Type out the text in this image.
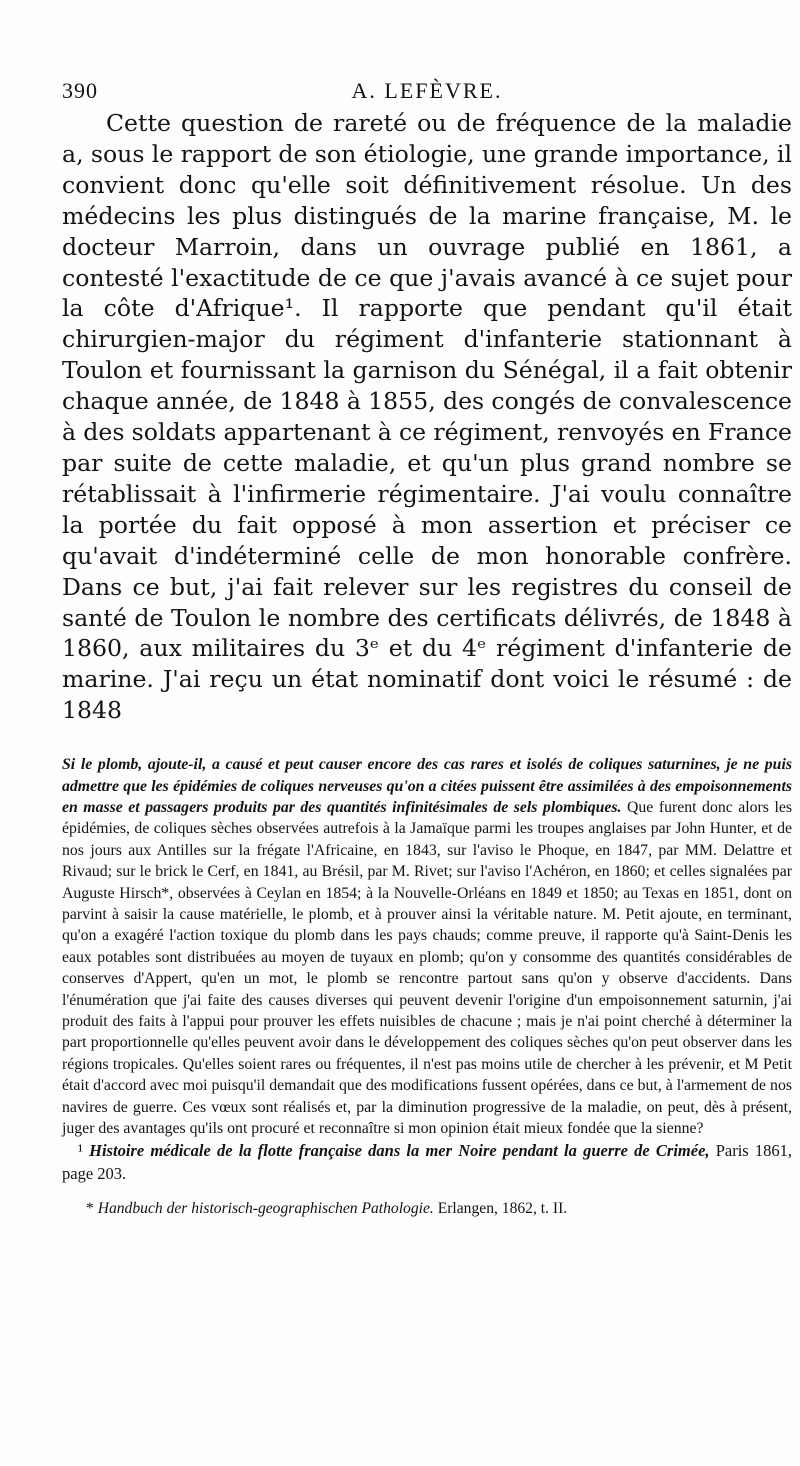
390	A. LEFÈVRE.

Cette question de rareté ou de fréquence de la maladie a, sous le rapport de son étiologie, une grande importance, il convient donc qu'elle soit définitivement résolue. Un des médecins les plus distingués de la marine française, M. le docteur Marroin, dans un ouvrage publié en 1861, a contesté l'exactitude de ce que j'avais avancé à ce sujet pour la côte d'Afrique¹. Il rapporte que pendant qu'il était chirurgien-major du régiment d'infanterie stationnant à Toulon et fournissant la garnison du Sénégal, il a fait obtenir chaque année, de 1848 à 1855, des congés de convalescence à des soldats appartenant à ce régiment, renvoyés en France par suite de cette maladie, et qu'un plus grand nombre se rétablissait à l'infirmerie régimentaire. J'ai voulu connaître la portée du fait opposé à mon assertion et préciser ce qu'avait d'indéterminé celle de mon honorable confrère. Dans ce but, j'ai fait relever sur les registres du conseil de santé de Toulon le nombre des certificats délivrés, de 1848 à 1860, aux militaires du 3ᵉ et du 4ᵉ régiment d'infanterie de marine. J'ai reçu un état nominatif dont voici le résumé : de 1848

Si le plomb, ajoute-il, a causé et peut causer encore des cas rares et isolés de coliques saturnines, je ne puis admettre que les épidémies de coliques nerveuses qu'on a citées puissent être assimilées à des empoisonnements en masse et passagers produits par des quantités infinitésimales de sels plombiques. Que furent donc alors les épidémies, de coliques sèches observées autrefois à la Jamaïque parmi les troupes anglaises par John Hunter, et de nos jours aux Antilles sur la frégate l'Africaine, en 1843, sur l'aviso le Phoque, en 1847, par MM. Delattre et Rivaud; sur le brick le Cerf, en 1841, au Brésil, par M. Rivet; sur l'aviso l'Achéron, en 1860; et celles signalées par Auguste Hirsch*, observées à Ceylan en 1854; à la Nouvelle-Orléans en 1849 et 1850; au Texas en 1851, dont on parvint à saisir la cause matérielle, le plomb, et à prouver ainsi la véritable nature. M. Petit ajoute, en terminant, qu'on a exagéré l'action toxique du plomb dans les pays chauds; comme preuve, il rapporte qu'à Saint-Denis les eaux potables sont distribuées au moyen de tuyaux en plomb; qu'on y consomme des quantités considérables de conserves d'Appert, qu'en un mot, le plomb se rencontre partout sans qu'on y observe d'accidents. Dans l'énumération que j'ai faite des causes diverses qui peuvent devenir l'origine d'un empoisonnement saturnin, j'ai produit des faits à l'appui pour prouver les effets nuisibles de chacune ; mais je n'ai point cherché à déterminer la part proportionnelle qu'elles peuvent avoir dans le développement des coliques sèches qu'on peut observer dans les régions tropicales. Qu'elles soient rares ou fréquentes, il n'est pas moins utile de chercher à les prévenir, et M Petit était d'accord avec moi puisqu'il demandait que des modifications fussent opérées, dans ce but, à l'armement de nos navires de guerre. Ces vœux sont réalisés et, par la diminution progressive de la maladie, on peut, dès à présent, juger des avantages qu'ils ont procuré et reconnaître si mon opinion était mieux fondée que la sienne?

¹ Histoire médicale de la flotte française dans la mer Noire pendant la guerre de Crimée, Paris 1861, page 203.

* Handbuch der historisch-geographischen Pathologie. Erlangen, 1862, t. II.
